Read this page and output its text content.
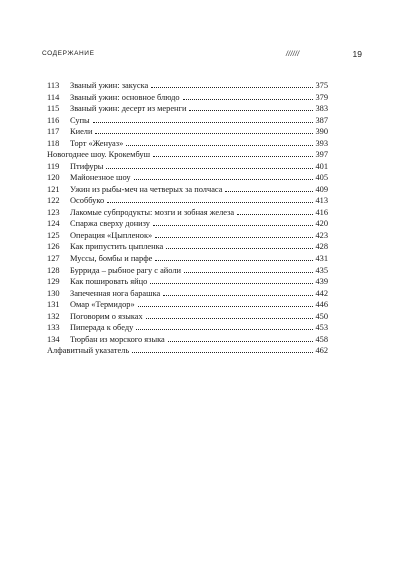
СОДЕРЖАНИЕ	//////	19
113	Званый ужин: закуска	375
114	Званый ужин: основное блюдо	379
115	Званый ужин: десерт из меренги	383
116	Супы	387
117	Киели	390
118	Торт «Женуаз»	393
Новогоднее шоу. Крокембуш	397
119	Птифуры	401
120	Майонезное шоу	405
121	Ужин из рыбы-меч на четверых за полчаса	409
122	Особбуко	413
123	Лакомые субпродукты: мозги и зобная железа	416
124	Спаржа сверху донизу	420
125	Операция «Цыпленок»	423
126	Как припустить цыпленка	428
127	Муссы, бомбы и парфе	431
128	Буррида – рыбное рагу с айоли	435
129	Как пошировать яйцо	439
130	Запеченная нога барашка	442
131	Омар «Термидор»	446
132	Поговорим о языках	450
133	Пиперада к обеду	453
134	Тюрбан из морского языка	458
Алфавитный указатель	462
